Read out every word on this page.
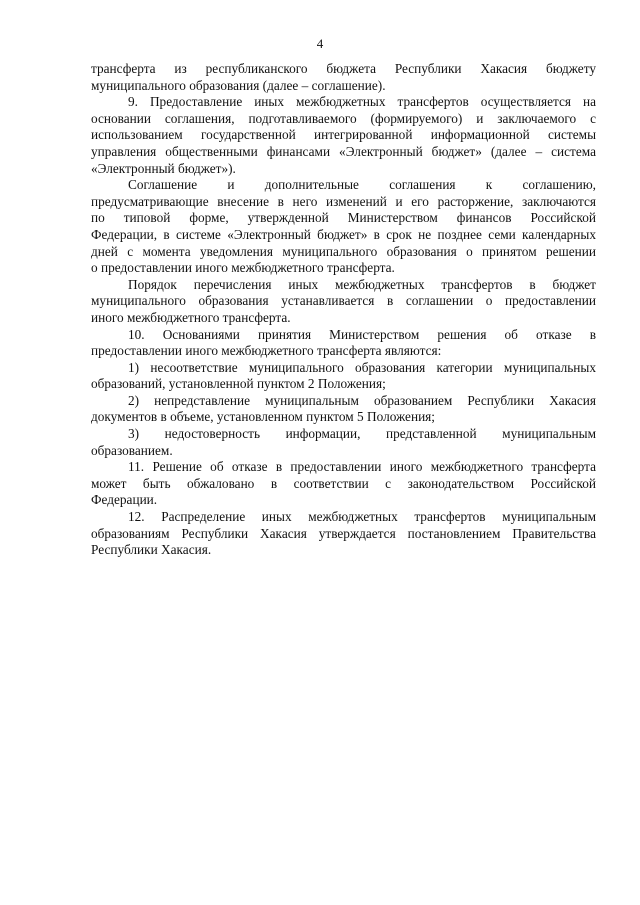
4
трансферта из республиканского бюджета Республики Хакасия бюджету
муниципального образования (далее – соглашение).
9. Предоставление иных межбюджетных трансфертов осуществляется на
основании соглашения, подготавливаемого (формируемого) и заключаемого с
использованием государственной интегрированной информационной системы
управления общественными финансами «Электронный бюджет» (далее – система
«Электронный бюджет»).
Соглашение и дополнительные соглашения к соглашению,
предусматривающие внесение в него изменений и его расторжение, заключаются
по типовой форме, утвержденной Министерством финансов Российской
Федерации, в системе «Электронный бюджет» в срок не позднее семи календарных
дней с момента уведомления муниципального образования о принятом решении
о предоставлении иного межбюджетного трансферта.
Порядок перечисления иных межбюджетных трансфертов в бюджет
муниципального образования устанавливается в соглашении о предоставлении
иного межбюджетного трансферта.
10. Основаниями принятия Министерством решения об отказе в
предоставлении иного межбюджетного трансферта являются:
1) несоответствие муниципального образования категории муниципальных
образований, установленной пунктом 2 Положения;
2) непредставление муниципальным образованием Республики Хакасия
документов в объеме, установленном пунктом 5 Положения;
3) недостоверность информации, представленной муниципальным
образованием.
11. Решение об отказе в предоставлении иного межбюджетного трансферта
может быть обжаловано в соответствии с законодательством Российской
Федерации.
12. Распределение иных межбюджетных трансфертов муниципальным
образованиям Республики Хакасия утверждается постановлением Правительства
Республики Хакасия.
